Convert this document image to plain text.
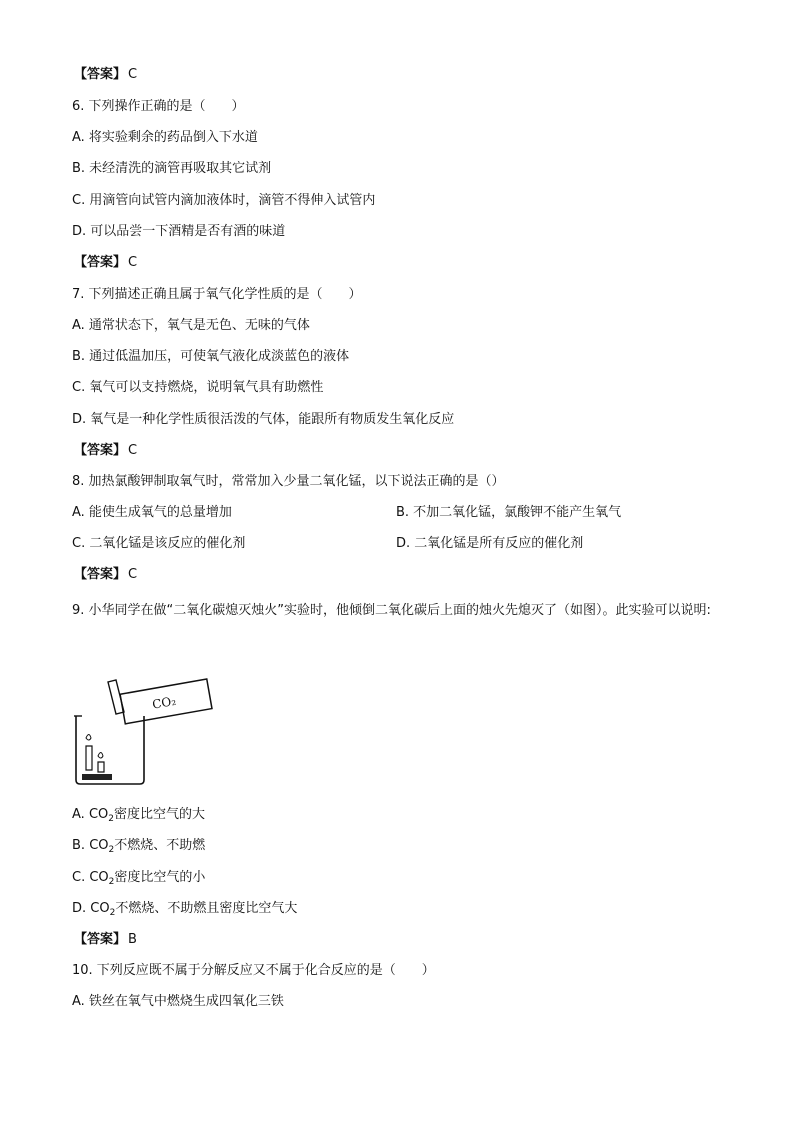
【答案】 C
6. 下列操作正确的是（　　）
A. 将实验剩余的药品倒入下水道
B. 未经清洗的滴管再吸取其它试剂
C. 用滴管向试管内滴加液体时，滴管不得伸入试管内
D. 可以品尝一下酒精是否有酒的味道
【答案】 C
7. 下列描述正确且属于氧气化学性质的是（　　）
A. 通常状态下，氧气是无色、无味的气体
B. 通过低温加压，可使氧气液化成淡蓝色的液体
C. 氧气可以支持燃烧，说明氧气具有助燃性
D. 氧气是一种化学性质很活泼的气体，能跟所有物质发生氧化反应
【答案】 C
8. 加热氯酸钾制取氧气时，常常加入少量二氧化锰，以下说法正确的是（）
A. 能使生成氧气的总量增加	B. 不加二氧化锰，氯酸钾不能产生氧气
C. 二氧化锰是该反应的催化剂	D. 二氧化锰是所有反应的催化剂
【答案】 C
9. 小华同学在做“二氧化碳熄灭烛火”实验时，他倾倒二氧化碳后上面的烛火先熄灭了（如图）。此实验可以说明:
CO₂
A. $CO_2$密度比空气的大
B. $CO_2$不燃烧、不助燃
C. $CO_2$密度比空气的小
D. $CO_2$不燃烧、不助燃且密度比空气大
【答案】 B
10. 下列反应既不属于分解反应又不属于化合反应的是（　　）
A. 铁丝在氧气中燃烧生成四氧化三铁
